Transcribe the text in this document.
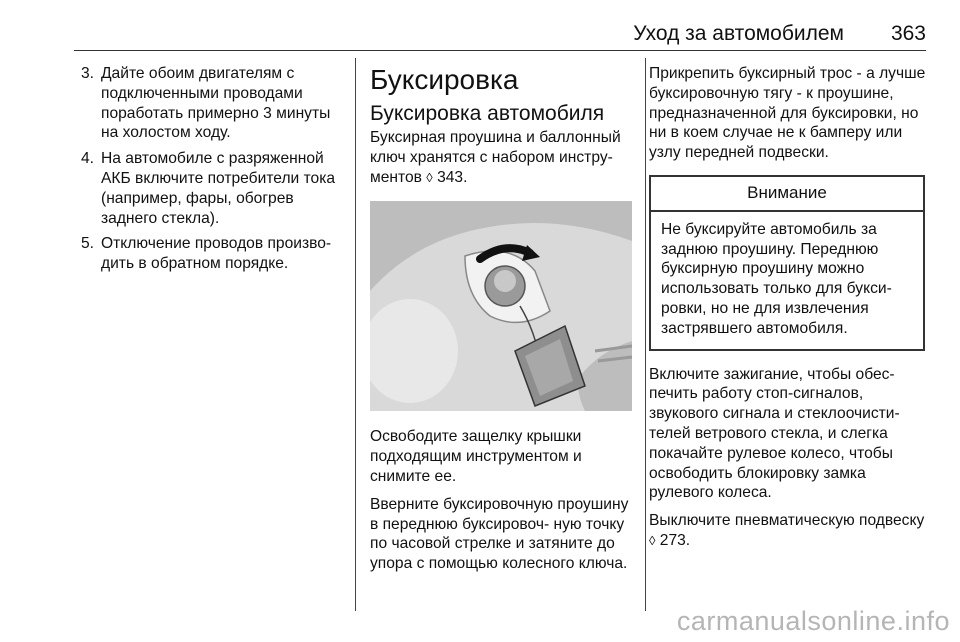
Уход за автомобилем 363
3. Дайте обоим двигателям с подключенными проводами поработать примерно 3 минуты на холостом ходу.
4. На автомобиле с разряженной АКБ включите потребители тока (например, фары, обогрев заднего стекла).
5. Отключение проводов произво‐ дить в обратном порядке.
Буксировка
Буксировка автомобиля

Буксирная проушина и баллонный ключ хранятся с набором инстру‐ ментов ◊ 343.

Освободите защелку крышки подходящим инструментом и снимите ее.

Вверните буксировочную проушину в переднюю буксировоч‐ ную точку по часовой стрелке и затяните до упора с помощью колесного ключа.

Прикрепить буксирный трос - а лучше буксировочную тягу - к проушине, предназначенной для буксировки, но ни в коем случае не к бамперу или узлу передней подвески.

Внимание
Не буксируйте автомобиль за заднюю проушину. Переднюю буксирную проушину можно использовать только для букси‐ ровки, но не для извлечения застрявшего автомобиля.

Включите зажигание, чтобы обес‐ печить работу стоп-сигналов, звукового сигнала и стеклоочисти‐ телей ветрового стекла, и слегка покачайте рулевое колесо, чтобы освободить блокировку замка рулевого колеса.

Выключите пневматическую подвеску ◊ 273.

carmanualsonline.info
